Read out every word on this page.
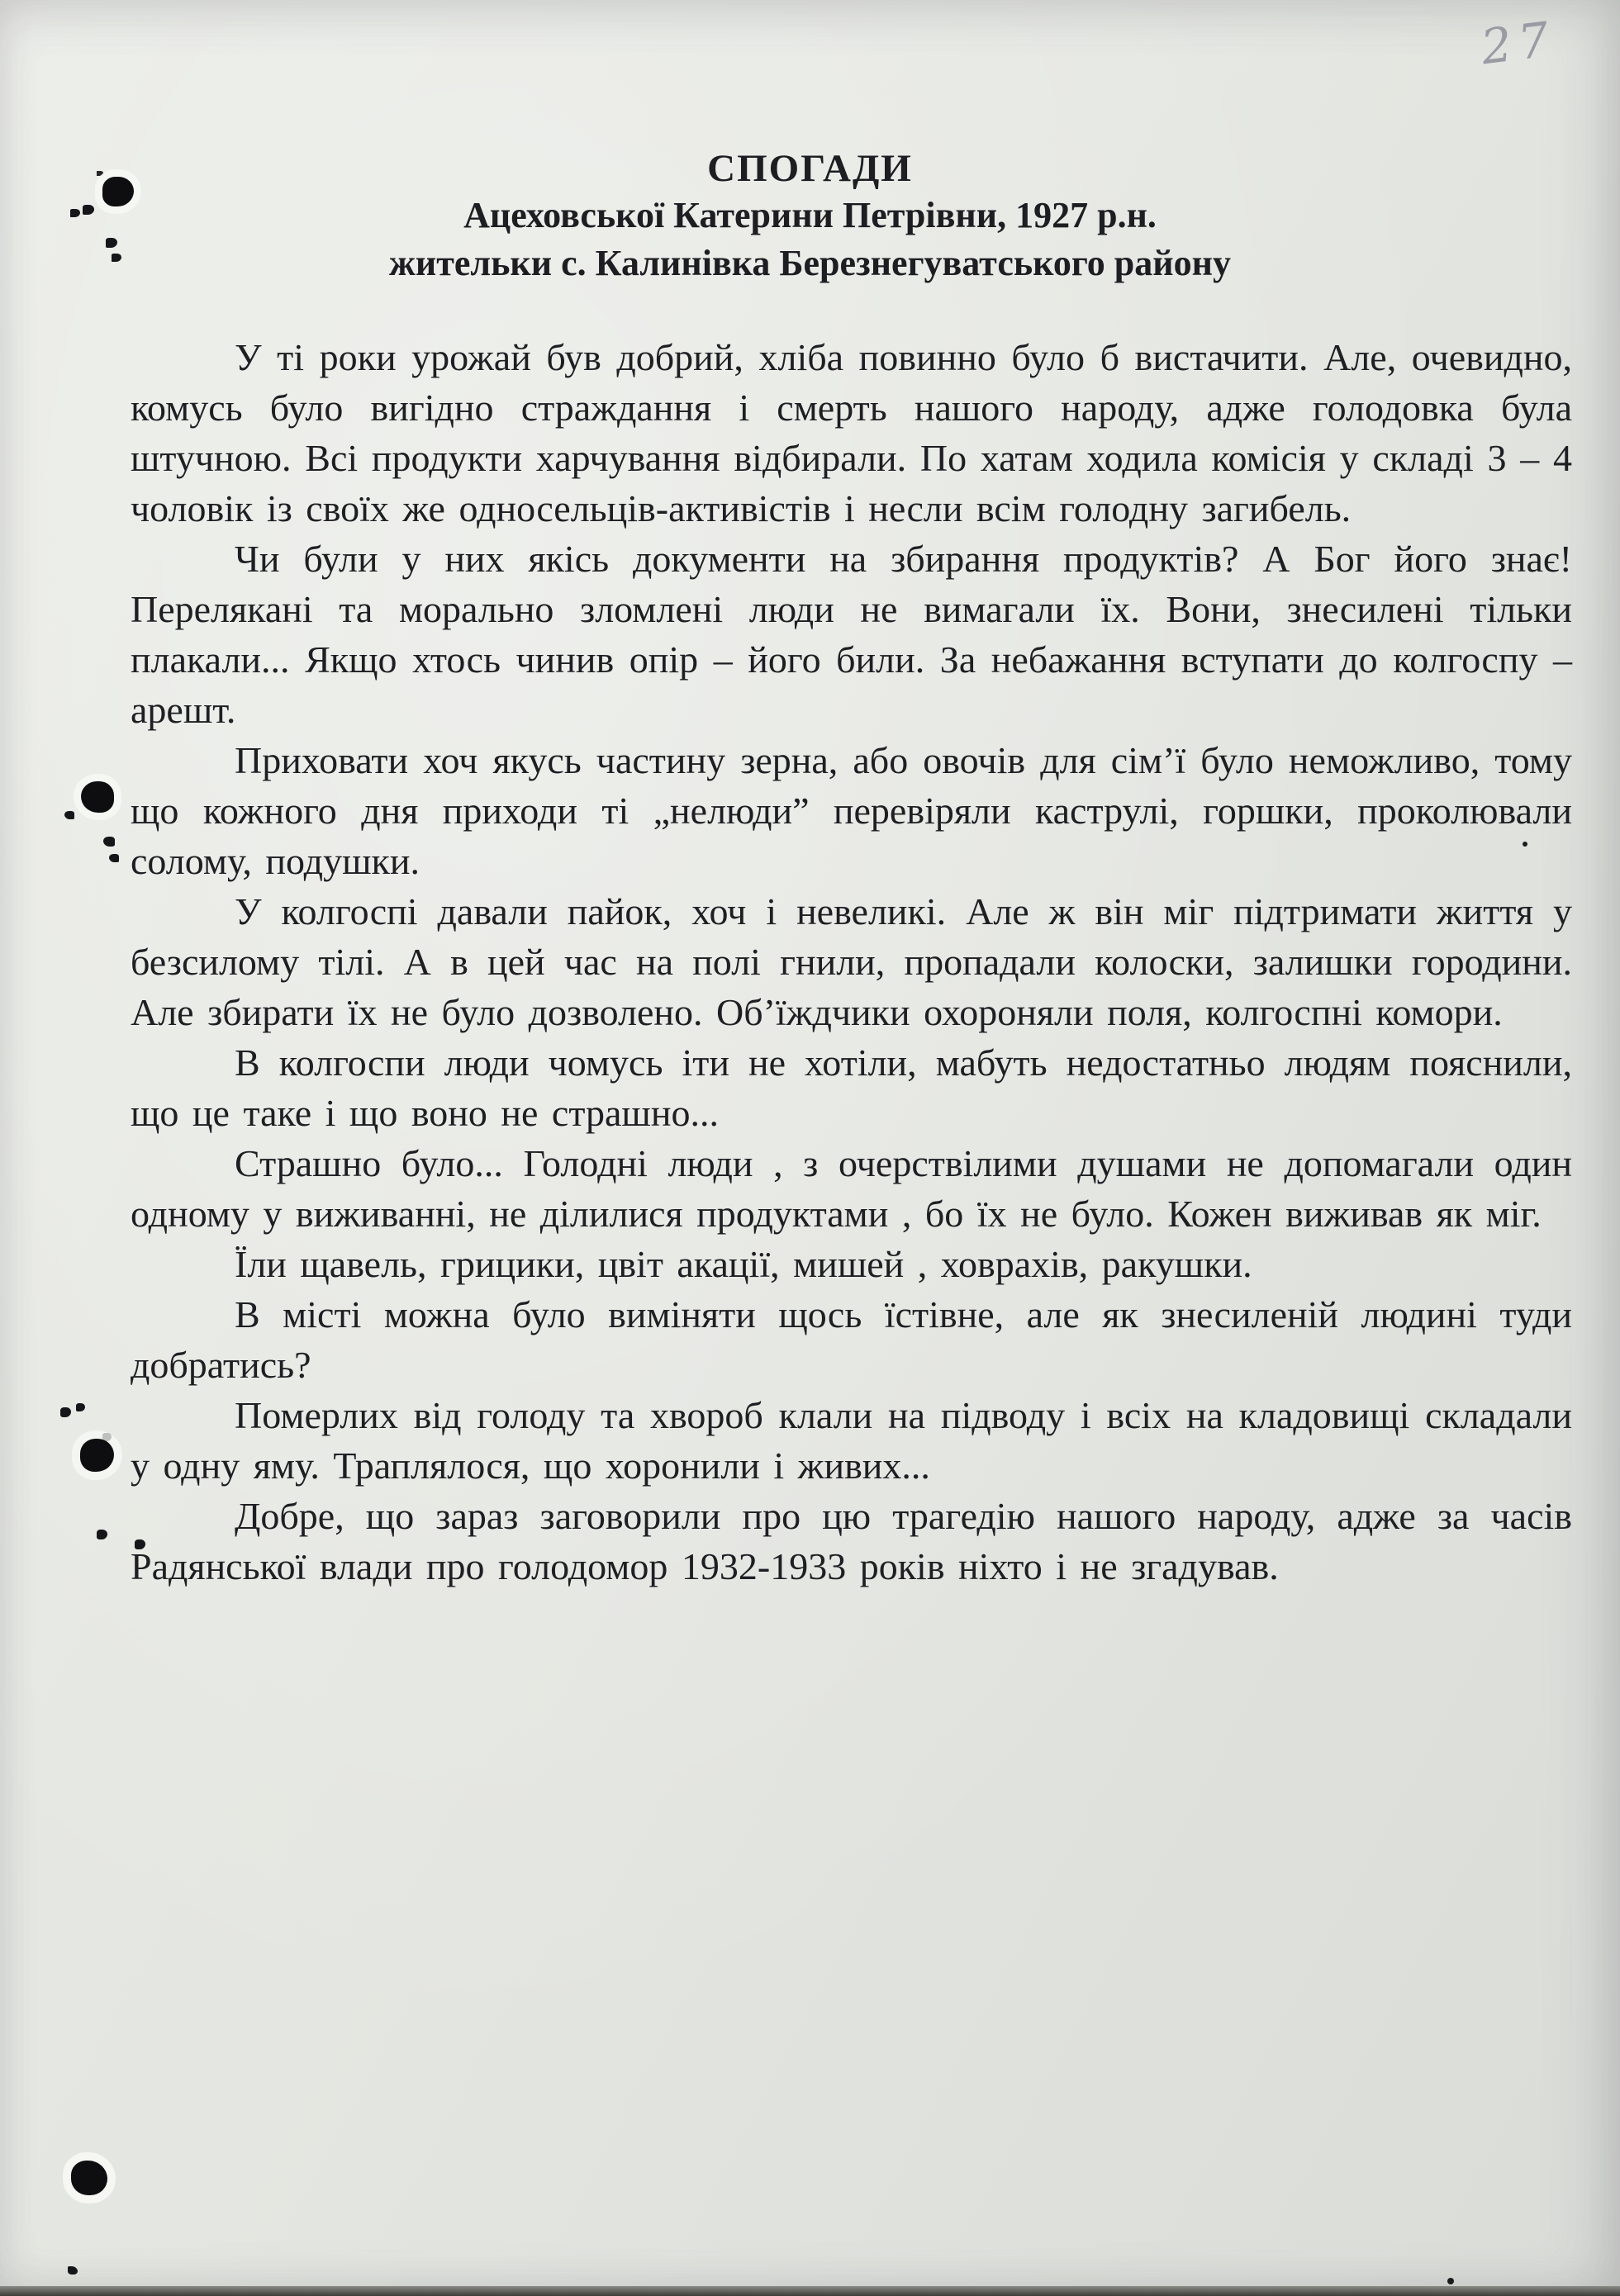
27
СПОГАДИ

Ацеховської Катерини Петрівни, 1927 р.н.

жительки с. Калинівка Березнегуватського району

У ті роки урожай був добрий, хліба повинно було б вистачити. Але, очевидно, комусь було вигідно страждання і смерть нашого народу, адже голодовка була штучною. Всі продукти харчування відбирали. По хатам ходила комісія у складі 3 – 4 чоловік із своїх же односельців-активістів і несли всім голодну загибель.

Чи були у них якісь документи на збирання продуктів? А Бог його знає! Перелякані та морально зломлені люди не вимагали їх. Вони, знесилені тільки плакали... Якщо хтось чинив опір – його били. За небажання вступати до колгоспу – арешт.

Приховати хоч якусь частину зерна, або овочів для сім’ї було неможливо, тому що кожного дня приходи ті „нелюди” перевіряли каструлі, горшки, проколювали солому, подушки.

У колгоспі давали пайок, хоч і невеликі. Але ж він міг підтримати життя у безсилому тілі. А в цей час на полі гнили, пропадали колоски, залишки городини. Але збирати їх не було дозволено. Об’їждчики охороняли поля, колгоспні комори.

В колгоспи люди чомусь іти не хотіли, мабуть недостатньо людям пояснили, що це таке і що воно не страшно...

Страшно було... Голодні люди , з очерствілими душами не допомагали один одному у виживанні, не ділилися продуктами , бо їх не було. Кожен виживав як міг.

Їли щавель, грицики, цвіт акації, мишей , ховрахів, ракушки.

В місті можна було виміняти щось їстівне, але як знесиленій людині туди добратись?

Померлих від голоду та хвороб клали на підводу і всіх на кладовищі складали у одну яму. Траплялося, що хоронили і живих...

Добре, що зараз заговорили про цю трагедію нашого народу, адже за часів Радянської влади про голодомор 1932-1933 років ніхто і не згадував.
